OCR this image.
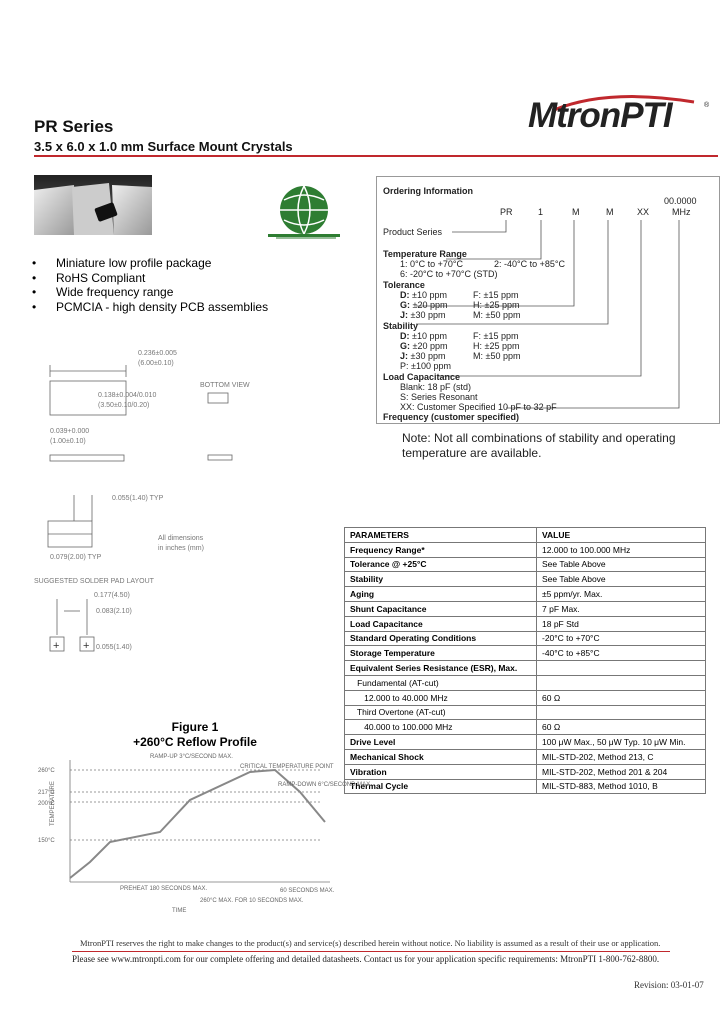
PR Series
3.5 x 6.0 x 1.0 mm Surface Mount Crystals
MtronPTI	®
• Miniature low profile package
• RoHS Compliant
• Wide frequency range
• PCMCIA - high density PCB assemblies
Ordering Information
00.0000
MHz
PR	1	M	M	XX
Product Series
Temperature Range
1: 0°C to +70°C	2: -40°C to +85°C
6: -20°C to +70°C (STD)
Tolerance
D: ±10 ppm	F: ±15 ppm
G: ±20 ppm	H: ±25 ppm
J: ±30 ppm	M: ±50 ppm
Stability
D: ±10 ppm	F: ±15 ppm
G: ±20 ppm	H: ±25 ppm
J: ±30 ppm	M: ±50 ppm
P: ±100 ppm
Load Capacitance
Blank: 18 pF (std)
S: Series Resonant
XX: Customer Specified 10 pF to 32 pF
Frequency (customer specified)
Note: Not all combinations of stability and operating
temperature are available.
0.236±0.005
(6.00±0.10)
0.138±0.004/0.010
(3.50±0.10/0.20)
0.039+0.000
(1.00±0.10)
BOTTOM VIEW
0.055(1.40) TYP
All dimensions
in inches (mm)
0.079(2.00) TYP
SUGGESTED SOLDER PAD LAYOUT
0.177(4.50)
0.083(2.10)
0.055(1.40)
+ +
PARAMETERS	VALUE
Frequency Range*	12.000 to 100.000 MHz
Tolerance @ +25°C	See Table Above
Stability	See Table Above
Aging	±5 ppm/yr. Max.
Shunt Capacitance	7 pF Max.
Load Capacitance	18 pF Std
Standard Operating Conditions	-20°C to +70°C
Storage Temperature	-40°C to +85°C
Equivalent Series Resistance (ESR), Max.	
Fundamental (AT-cut)	
12.000 to 40.000 MHz	60 Ω
Third Overtone (AT-cut)	
40.000 to 100.000 MHz	60 Ω
Drive Level	100 μW Max., 50 μW Typ. 10 μW Min.
Mechanical Shock	MIL-STD-202, Method 213, C
Vibration	MIL-STD-202, Method 201 & 204
Thermal Cycle	MIL-STD-883, Method 1010, B
Figure 1
+260°C Reflow Profile
260°C
217°C
200°C
150°C
TEMPERATURE
TIME
RAMP-UP 3°C/SECOND MAX.
CRITICAL TEMPERATURE POINT
RAMP-DOWN 6°C/SECOND MAX.
PREHEAT 180 SECONDS MAX.	60 SECONDS MAX.
260°C MAX. FOR 10 SECONDS MAX.
MtronPTI reserves the right to make changes to the product(s) and service(s) described herein without notice. No liability is assumed as a result of their use or application.
Please see www.mtronpti.com for our complete offering and detailed datasheets. Contact us for your application specific requirements: MtronPTI 1-800-762-8800.
Revision: 03-01-07
